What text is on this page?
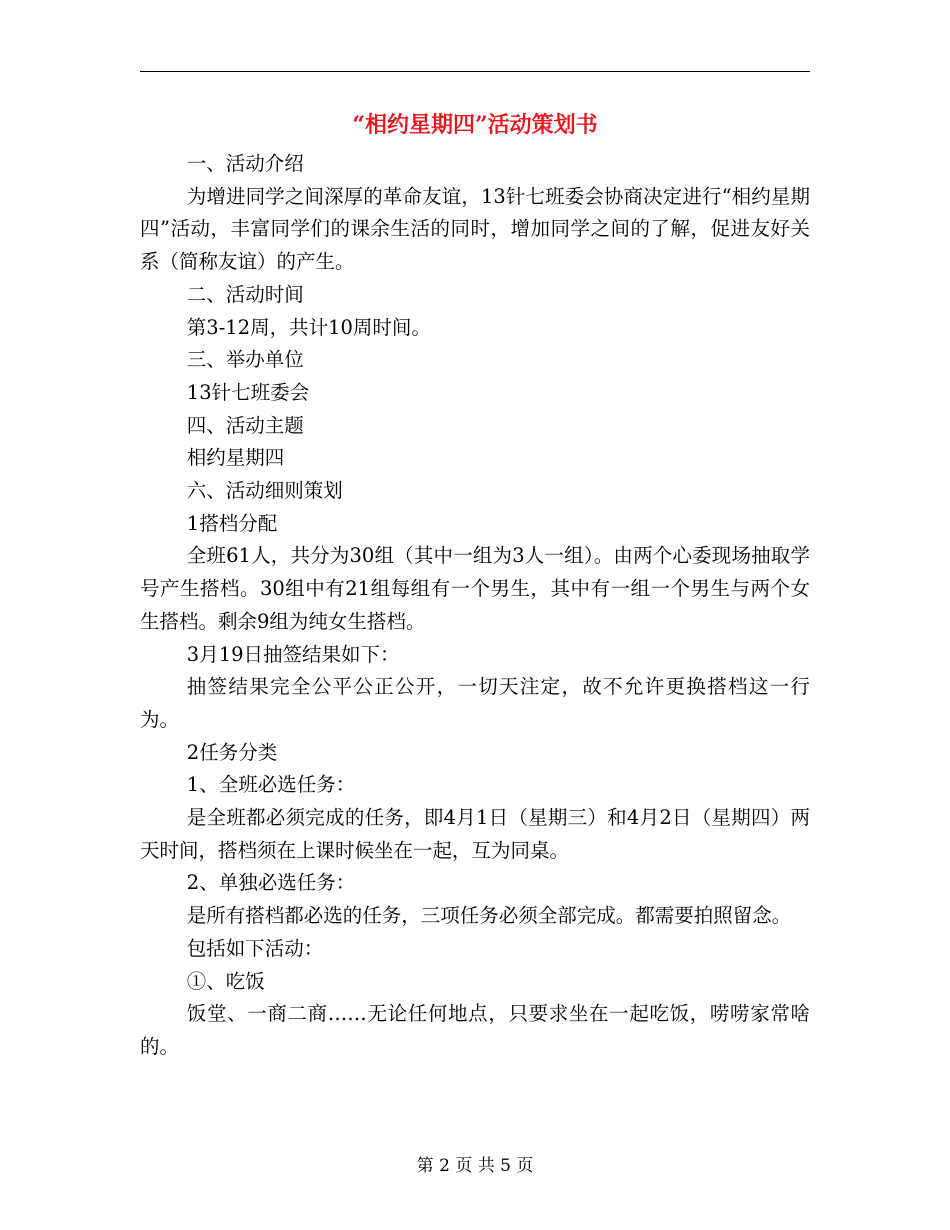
“相约星期四”活动策划书

一、活动介绍

为增进同学之间深厚的革命友谊，13针七班委会协商决定进行“相约星期四”活动，丰富同学们的课余生活的同时，增加同学之间的了解，促进友好关系（简称友谊）的产生。

二、活动时间

第3-12周，共计10周时间。

三、举办单位

13针七班委会

四、活动主题

相约星期四

六、活动细则策划

1搭档分配

全班61人，共分为30组（其中一组为3人一组）。由两个心委现场抽取学号产生搭档。30组中有21组每组有一个男生，其中有一组一个男生与两个女生搭档。剩余9组为纯女生搭档。

3月19日抽签结果如下：

抽签结果完全公平公正公开，一切天注定，故不允许更换搭档这一行为。

2任务分类

1、全班必选任务：

是全班都必须完成的任务，即4月1日（星期三）和4月2日（星期四）两天时间，搭档须在上课时候坐在一起，互为同桌。

2、单独必选任务：

是所有搭档都必选的任务，三项任务必须全部完成。都需要拍照留念。

包括如下活动：

①、吃饭

饭堂、一商二商……无论任何地点，只要求坐在一起吃饭，唠唠家常啥的。

第 2 页 共 5 页
